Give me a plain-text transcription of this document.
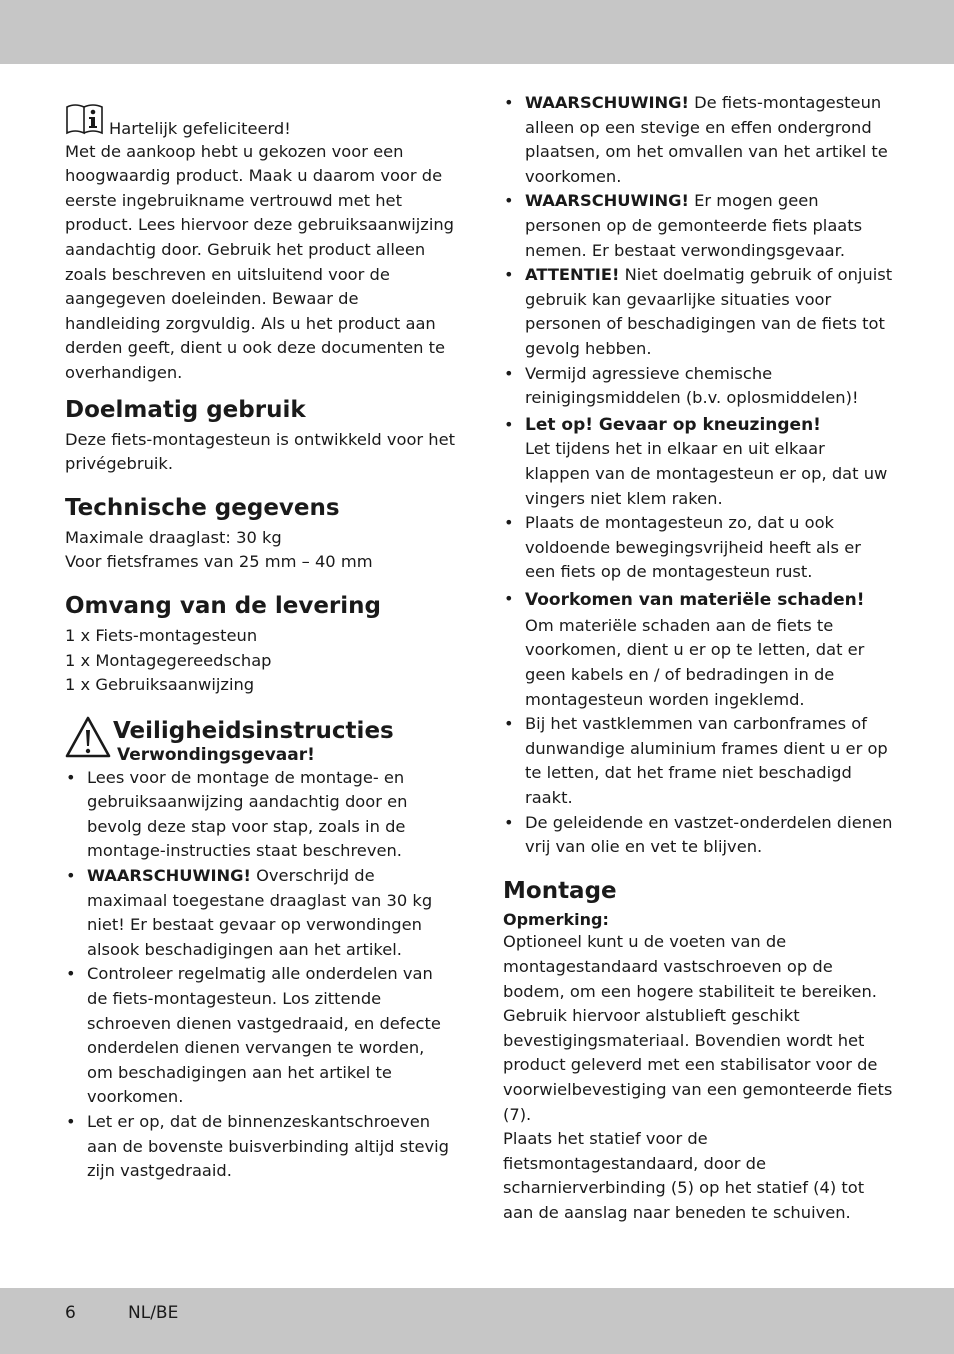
Hartelijk gefeliciteerd!

Met de aankoop hebt u gekozen voor een hoogwaardig product. Maak u daarom voor de eerste ingebruikname vertrouwd met het product. Lees hiervoor deze gebruiksaanwijzing aandachtig door. Gebruik het product alleen zoals beschreven en uitsluitend voor de aangegeven doeleinden. Bewaar de handleiding zorgvuldig. Als u het product aan derden geeft, dient u ook deze documenten te overhandigen.

Doelmatig gebruik

Deze fiets-montagesteun is ontwikkeld voor het privégebruik.

Technische gegevens
Maximale draaglast: 30 kg
Voor fietsframes van 25 mm – 40 mm
Omvang van de levering
1 x Fiets-montagesteun
1 x Montagegereedschap
1 x Gebruiksaanwijzing
Veiligheidsinstructies
Verwondingsgevaar!
• Lees voor de montage de montage- en gebruiksaanwijzing aandachtig door en bevolg deze stap voor stap, zoals in de montage-instructies staat beschreven.
• WAARSCHUWING! Overschrijd de maximaal toegestane draaglast van 30 kg niet! Er bestaat gevaar op verwondingen alsook beschadigingen aan het artikel.
• Controleer regelmatig alle onderdelen van de fiets-montagesteun. Los zittende schroeven dienen vastgedraaid, en defecte onderdelen dienen vervangen te worden, om beschadigingen aan het artikel te voorkomen.
• Let er op, dat de binnenzeskantschroeven aan de bovenste buisverbinding altijd stevig zijn vastgedraaid.
• WAARSCHUWING! De fiets-montagesteun alleen op een stevige en effen ondergrond plaatsen, om het omvallen van het artikel te voorkomen.
• WAARSCHUWING! Er mogen geen personen op de gemonteerde fiets plaats nemen. Er bestaat verwondingsgevaar.
• ATTENTIE! Niet doelmatig gebruik of onjuist gebruik kan gevaarlijke situaties voor personen of beschadigingen van de fiets tot gevolg hebben.
• Vermijd agressieve chemische reinigingsmiddelen (b.v. oplosmiddelen)!
• Let op! Gevaar op kneuzingen!
Let tijdens het in elkaar en uit elkaar klappen van de montagesteun er op, dat uw vingers niet klem raken.
• Plaats de montagesteun zo, dat u ook voldoende bewegingsvrijheid heeft als er een fiets op de montagesteun rust.
• Voorkomen van materiële schaden!
Om materiële schaden aan de fiets te voorkomen, dient u er op te letten, dat er geen kabels en / of bedradingen in de montagesteun worden ingeklemd.
• Bij het vastklemmen van carbonframes of dunwandige aluminium frames dient u er op te letten, dat het frame niet beschadigd raakt.
• De geleidende en vastzet-onderdelen dienen vrij van olie en vet te blijven.
Montage
Opmerking:

Optioneel kunt u de voeten van de montagestandaard vastschroeven op de bodem, om een hogere stabiliteit te bereiken.
Gebruik hiervoor alstublieft geschikt bevestigingsmateriaal. Bovendien wordt het product geleverd met een stabilisator voor de voorwielbevestiging van een gemonteerde fiets (7).
Plaats het statief voor de fietsmontagestandaard, door de scharnierverbinding (5) op het statief (4) tot aan de aanslag naar beneden te schuiven.

6	NL/BE
